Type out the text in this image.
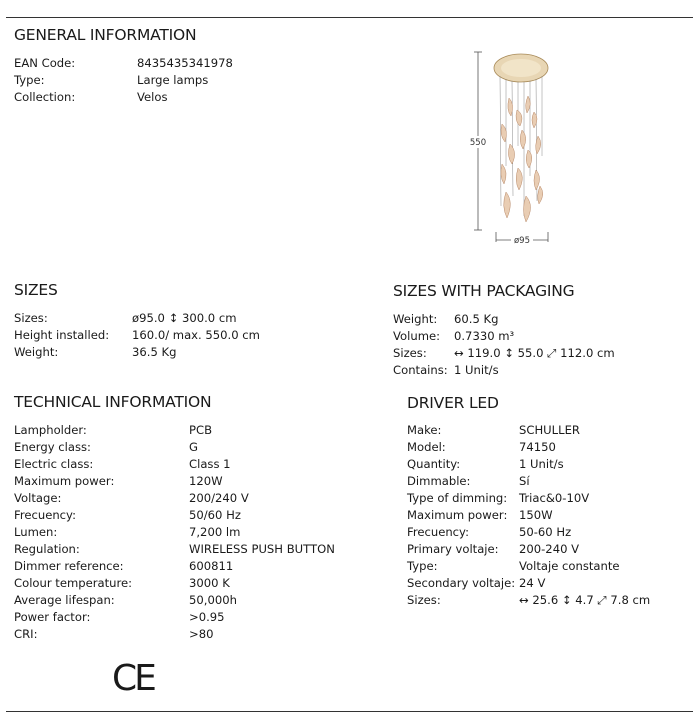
GENERAL INFORMATION
EAN Code:	8435435341978
Type:	Large lamps
Collection:	Velos
550
ø95
SIZES
Sizes:	ø95.0 ↕ 300.0 cm
Height installed:	160.0/ max. 550.0 cm
Weight:	36.5 Kg
SIZES WITH PACKAGING
Weight:	60.5 Kg
Volume:	0.7330 m³
Sizes:	↔ 119.0 ↕ 55.0 ⤢ 112.0 cm
Contains: 1 Unit/s
TECHNICAL INFORMATION
Lampholder:	PCB
Energy class:	G
Electric class:	Class 1
Maximum power:	120W
Voltage:	200/240 V
Frecuency:	50/60 Hz
Lumen:	7,200 lm
Regulation:	WIRELESS PUSH BUTTON
Dimmer reference:	600811
Colour temperature:	3000 K
Average lifespan:	50,000h
Power factor:	>0.95
CRI:	>80
DRIVER LED
Make:	SCHULLER
Model:	74150
Quantity:	1 Unit/s
Dimmable:	Sí
Type of dimming:	Triac&0-10V
Maximum power:	150W
Frecuency:	50-60 Hz
Primary voltaje:	200-240 V
Type:	Voltaje constante
Secondary voltaje: 24 V
Sizes:	↔ 25.6 ↕ 4.7 ⤢ 7.8 cm
CE
